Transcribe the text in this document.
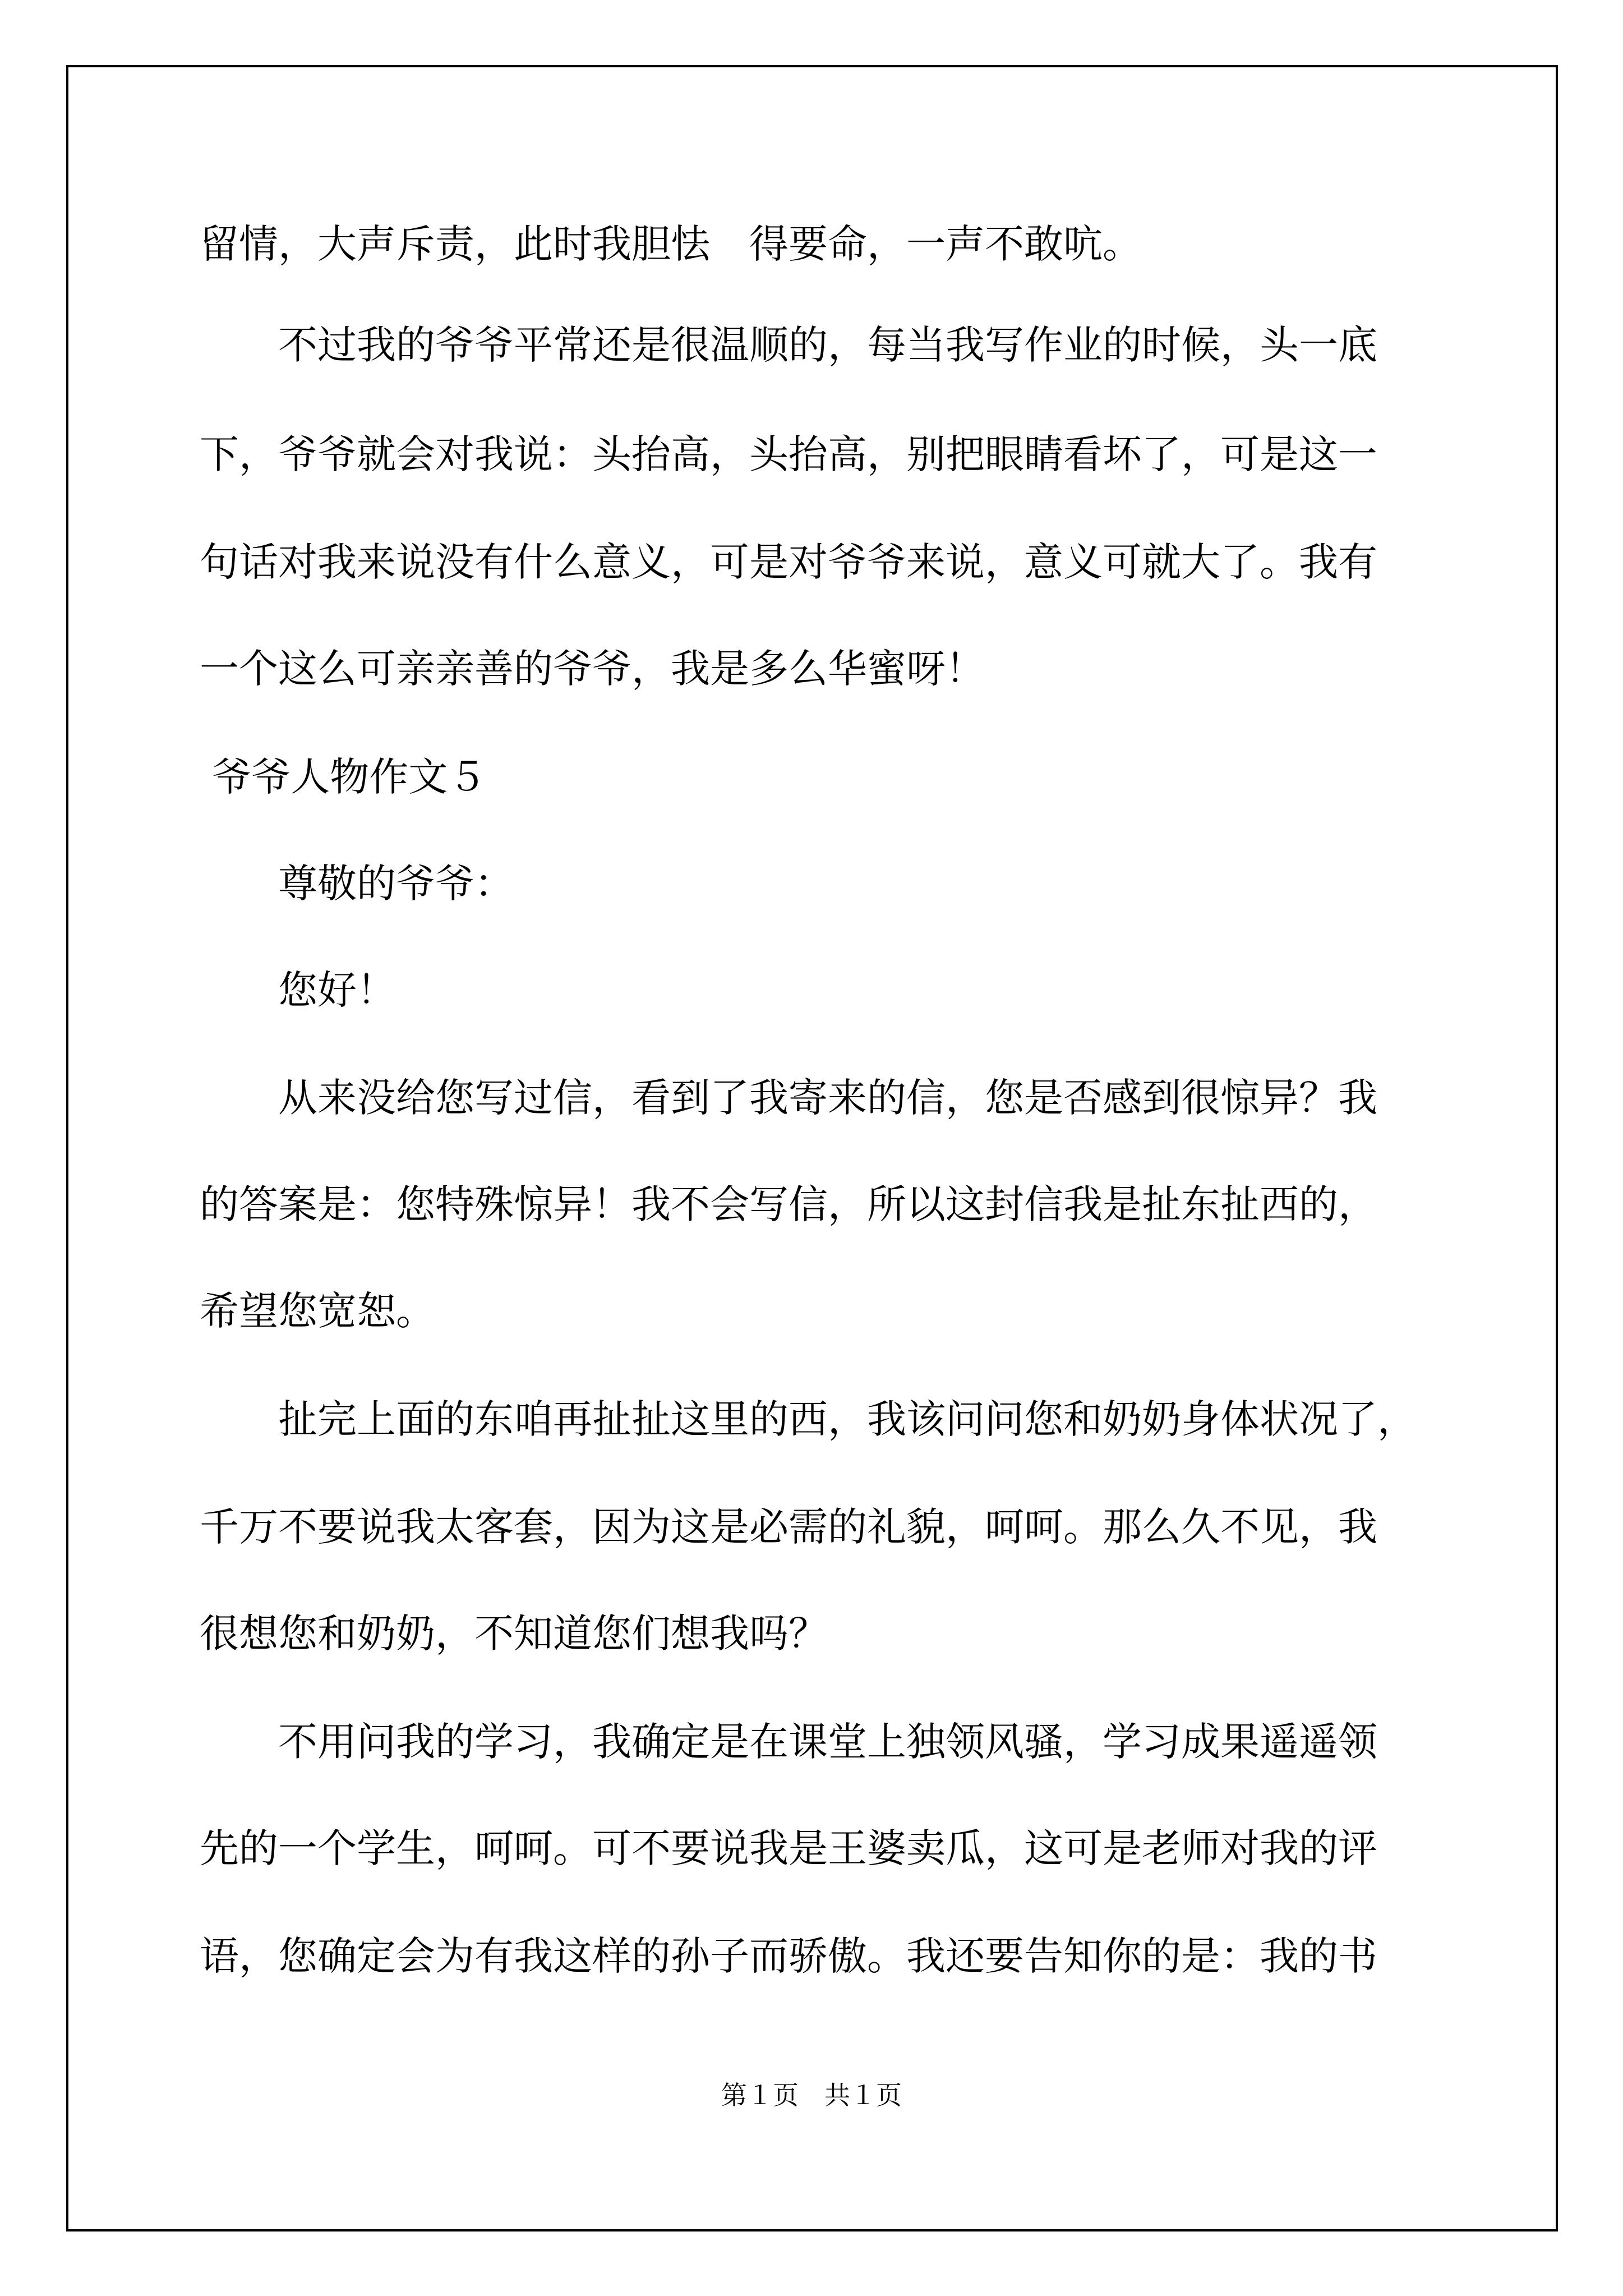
留情，大声斥责，此时我胆怯　得要命，一声不敢吭。
　　不过我的爷爷平常还是很温顺的，每当我写作业的时候，头一底
下，爷爷就会对我说：头抬高，头抬高，别把眼睛看坏了，可是这一
句话对我来说没有什么意义，可是对爷爷来说，意义可就大了。我有
一个这么可亲亲善的爷爷，我是多么华蜜呀！
爷爷人物作文５
　　尊敬的爷爷：
　　您好！
　　从来没给您写过信，看到了我寄来的信，您是否感到很惊异？我
的答案是：您特殊惊异！我不会写信，所以这封信我是扯东扯西的，
希望您宽恕。
　　扯完上面的东咱再扯扯这里的西，我该问问您和奶奶身体状况了，
千万不要说我太客套，因为这是必需的礼貌，呵呵。那么久不见，我
很想您和奶奶，不知道您们想我吗？
　　不用问我的学习，我确定是在课堂上独领风骚，学习成果遥遥领
先的一个学生，呵呵。可不要说我是王婆卖瓜，这可是老师对我的评
语，您确定会为有我这样的孙子而骄傲。我还要告知你的是：我的书
第１页　共１页
